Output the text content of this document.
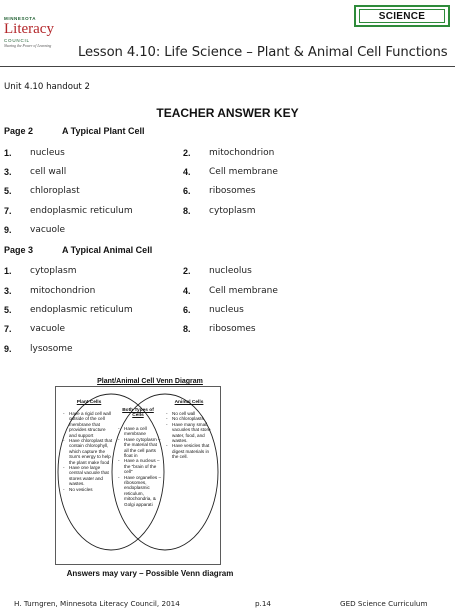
SCIENCE
MINNESOTA
Literacy
COUNCIL
Sharing the Power of Learning	Lesson 4.10: Life Science – Plant & Animal Cell Functions
Unit 4.10 handout 2
TEACHER ANSWER KEY
Page 2	A Typical Plant Cell
1. nucleus	2. mitochondrion
3. cell wall	4. Cell membrane
5. chloroplast	6. ribosomes
7. endoplasmic reticulum	8. cytoplasm
9. vacuole
Page 3	A Typical Animal Cell
1. cytoplasm	2. nucleolus
3. mitochondrion	4. Cell membrane
5. endoplasmic reticulum	6. nucleus
7. vacuole	8. ribosomes
9. lysosome
Plant/Animal Cell Venn Diagram
Plant Cells
Both Types of Cells
Animal Cells
- Have a rigid cell wall outside of the cell membrane that provides structure and support
- Have chloroplast that contain chlorophyll, which capture the Sun's energy to help the plant make food
- Have one large central vacuole that stores water and wastes.
- No vesicles
- Have a cell membrane
- Have cytoplasm – the material that all the cell parts float in
- Have a nucleus – the "brain of the cell"
- Have organelles – ribosomes, endoplasmic reticulum, mitochondria, & Golgi apparati
- No cell wall
- No chloroplasts
- Have many small vacuoles that store water, food, and wastes.
- Have vesicles that digest materials in the cell.
Answers may vary – Possible Venn diagram
H. Turngren, Minnesota Literacy Council, 2014	p.14	GED Science Curriculum
